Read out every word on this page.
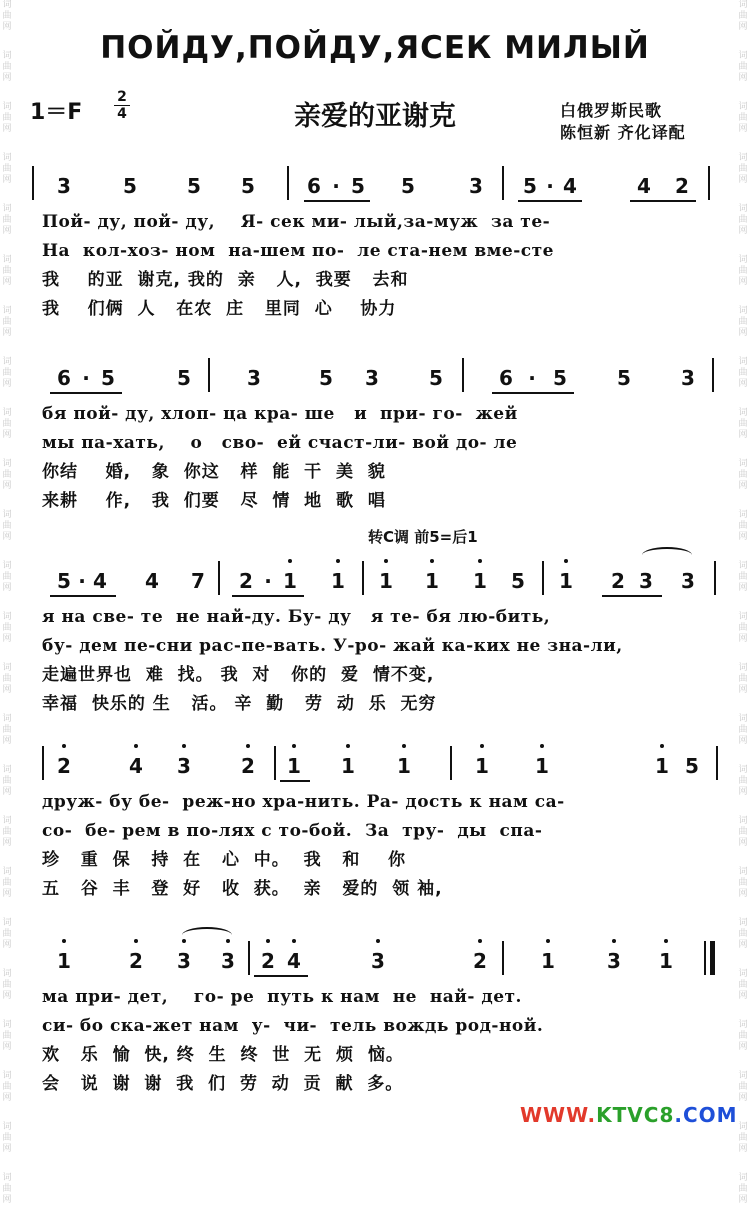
词
曲
网
词
曲
网
词
曲
网
词
曲
网
词
曲
网
词
曲
网
词
曲
网
词
曲
网
词
曲
网
词
曲
网
词
曲
网
词
曲
网
词
曲
网
词
曲
网
词
曲
网
词
曲
网
词
曲
网
词
曲
网
词
曲
网
词
曲
网
词
曲
网
词
曲
网
词
曲
网
词
曲
网
词
曲
网
词
曲
网
词
曲
网
词
曲
网
词
曲
网
词
曲
网
词
曲
网
词
曲
网
词
曲
网
词
曲
网
词
曲
网
词
曲
网
词
曲
网
词
曲
网
词
曲
网
词
曲
网
词
曲
网
词
曲
网
词
曲
网
词
曲
网
词
曲
网
词
曲
网
词
曲
网
词
曲
网
ПОЙДУ,ПОЙДУ,ЯСЕК МИЛЫЙ
1＝F
2
4	亲爱的亚谢克	白俄罗斯民歌
陈恒新 齐化译配
3	5	5	5	6 · 5	5	3	5 · 4	4	2
Пой- ду, пой- ду,    Я- сек ми- лый,за-муж  за те-
На  кол-хоз- ном  на-шем по-  ле ста-нем вме-сте
我    的亚  谢克, 我的  亲   人,  我要   去和
我    们俩  人   在农  庄   里同  心    协力
6 · 5	5	3	5	3	5	6 · 5	5	3
бя пой- ду, хлоп- ца кра- ше   и  при- го-  жей
мы па-хать,    о   сво-  ей счаст-ли- вой до- ле
你结    婚,   象  你这   样  能  干  美  貌
来耕    作,   我  们要   尽  情  地  歌  唱
转C调 前5=后1
5 · 4	4	7	2 · 1	1	1	1	1	5	1	2 3	3
я на све- те  не най-ду. Бу- ду   я те- бя лю-бить,
бу- дем пе-сни рас-пе-вать. У-ро- жай ка-ких не зна-ли,
走遍世界也  难  找。 我  对   你的  爱  情不变,
幸福  快乐的 生   活。 辛  勤   劳  动  乐  无穷
2	4	3	2	1	1	1	1	1	1 5
друж- бу бе-  реж-но хра-нить. Ра- дость к нам са-
со-  бе- рем в по-лях с то-бой.  За  тру-  ды  спа-
珍   重  保   持  在   心  中。  我   和    你
五   谷  丰   登  好   收  获。  亲   爱的  领 袖,
1	2	3	3	2 4	3	2	1	3	1
ма при- дет,    го- ре  путь к нам  не  най- дет.
си- бо ска-жет нам  у-  чи-  тель вождь род-ной.
欢   乐  愉  快, 终  生  终  世  无  烦  恼。
会   说  谢  谢  我  们  劳  动  贡  献  多。
WWW.KTVC8.COM
